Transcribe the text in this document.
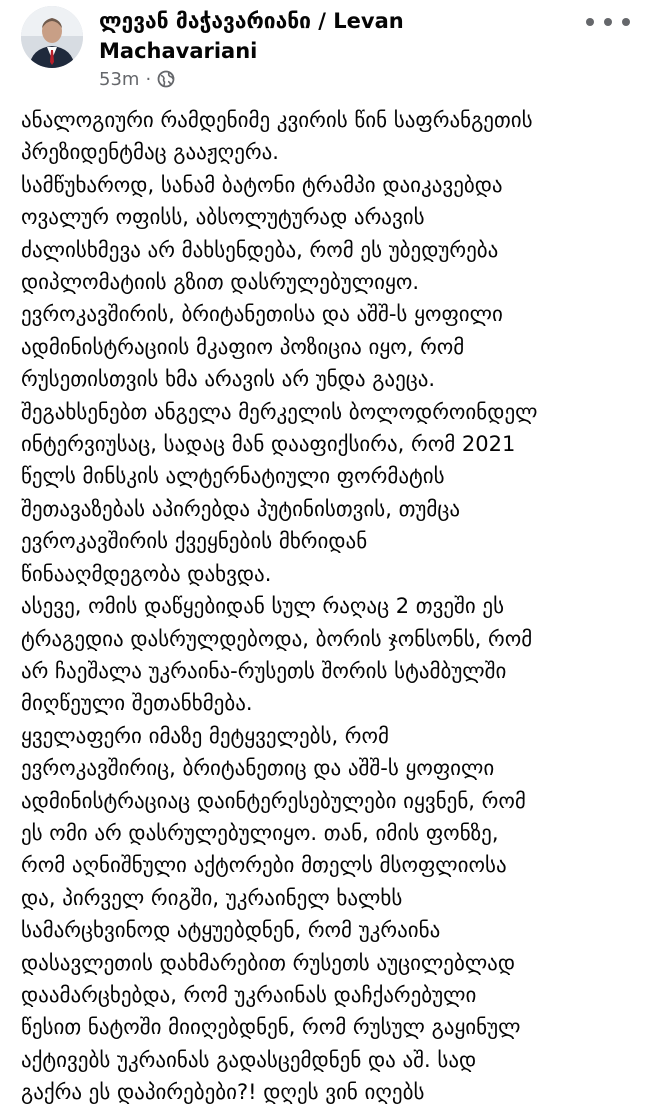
ლევან მაჭავარიანი / Levan Machavariani
53m ·

ანალოგიური რამდენიმე კვირის წინ საფრანგეთის
პრეზიდენტმაც გააჟღერა.

სამწუხაროდ, სანამ ბატონი ტრამპი დაიკავებდა
ოვალურ ოფისს, აბსოლუტურად არავის
ძალისხმევა არ მახსენდება, რომ ეს უბედურება
დიპლომატიის გზით დასრულებულიყო.

ევროკავშირის, ბრიტანეთისა და აშშ-ს ყოფილი
ადმინისტრაციის მკაფიო პოზიცია იყო, რომ
რუსეთისთვის ხმა არავის არ უნდა გაეცა.

შეგახსენებთ ანგელა მერკელის ბოლოდროინდელ
ინტერვიუსაც, სადაც მან დააფიქსირა, რომ 2021
წელს მინსკის ალტერნატიული ფორმატის
შეთავაზებას აპირებდა პუტინისთვის, თუმცა
ევროკავშირის ქვეყნების მხრიდან
წინააღმდეგობა დახვდა.

ასევე, ომის დაწყებიდან სულ რაღაც 2 თვეში ეს
ტრაგედია დასრულდებოდა, ბორის ჯონსონს, რომ
არ ჩაეშალა უკრაინა-რუსეთს შორის სტამბულში
მიღწეული შეთანხმება.

ყველაფერი იმაზე მეტყველებს, რომ
ევროკავშირიც, ბრიტანეთიც და აშშ-ს ყოფილი
ადმინისტრაციაც დაინტერესებულები იყვნენ, რომ
ეს ომი არ დასრულებულიყო. თან, იმის ფონზე,
რომ აღნიშნული აქტორები მთელს მსოფლიოსა
და, პირველ რიგში, უკრაინელ ხალხს
სამარცხვინოდ ატყუებდნენ, რომ უკრაინა
დასავლეთის დახმარებით რუსეთს აუცილებლად
დაამარცხებდა, რომ უკრაინას დაჩქარებული
წესით ნატოში მიიღებდნენ, რომ რუსულ გაყინულ
აქტივებს უკრაინას გადასცემდნენ და აშ. სად
გაქრა ეს დაპირებები?! დღეს ვინ იღებს
